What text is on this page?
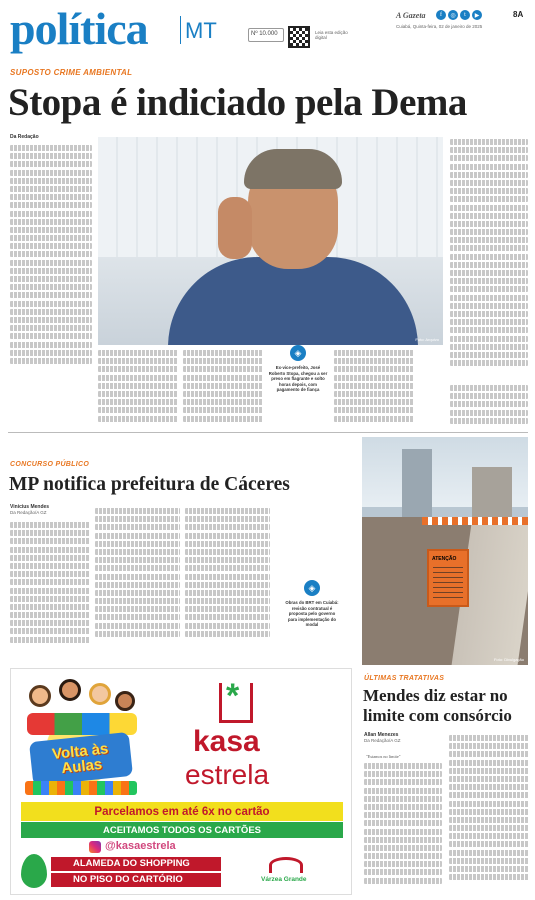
política MT	Nº 10.000	Leia esta edição digital
A Gazeta	f	◎	t	▶	8A
Cuiabá, Quinta-feira, 02 de janeiro de 2025
SUPOSTO CRIME AMBIENTAL
Stopa é indiciado pela Dema
Da Redação
Foto: Arquivo
◈
Ex-vice-prefeito, José Roberto Stopa, chegou a ser preso em flagrante e solto horas depois, com pagamento de fiança
CONCURSO PÚBLICO
MP notifica prefeitura de Cáceres
Vinicius Mendes
Da Redação/A GZ
◈
Obras do BRT em Cuiabá: revisão contratual é proposta pelo governo para implementação do modal
ATENÇÃO
Foto: Divulgação
ÚLTIMAS TRATATIVAS
Mendes diz estar no limite com consórcio
Allan Menezes
Da Redação/A GZ
"Estamos no limite"
Volta às Aulas
*
kasa
estrela
Parcelamos em até 6x no cartão
ACEITAMOS TODOS OS CARTÕES
@kasaestrela
ALAMEDA DO SHOPPING
NO PISO DO CARTÓRIO	Várzea Grande
